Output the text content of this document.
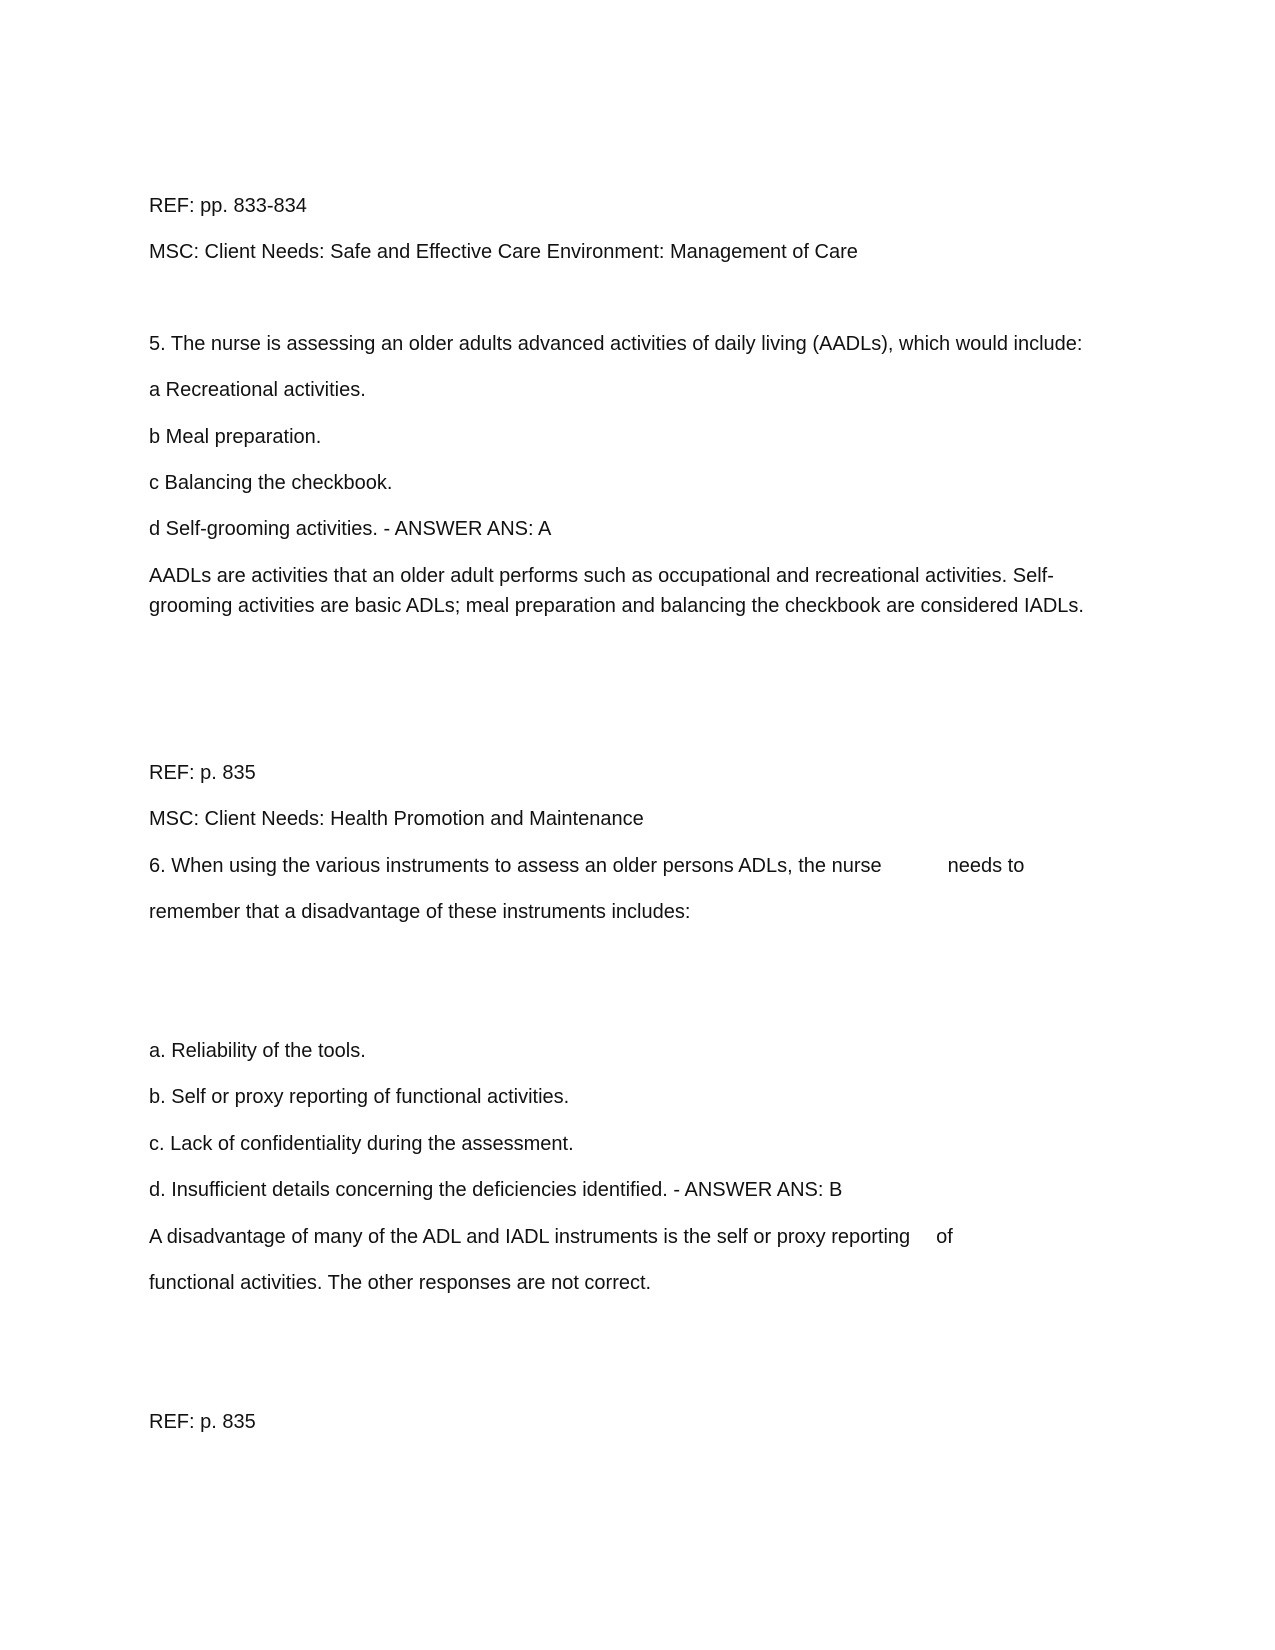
REF: pp. 833-834
MSC: Client Needs: Safe and Effective Care Environment: Management of Care
5. The nurse is assessing an older adults advanced activities of daily living (AADLs), which would include:
a Recreational activities.
b Meal preparation.
c Balancing the checkbook.
d Self-grooming activities. - ANSWER ANS: A
AADLs are activities that an older adult performs such as occupational and recreational activities. Self-grooming activities are basic ADLs; meal preparation and balancing the checkbook are considered IADLs.
REF: p. 835
MSC: Client Needs: Health Promotion and Maintenance
6. When using the various instruments to assess an older persons ADLs, the nurse	needs to
remember that a disadvantage of these instruments includes:
a. Reliability of the tools.
b. Self or proxy reporting of functional activities.
c. Lack of confidentiality during the assessment.
d. Insufficient details concerning the deficiencies identified. - ANSWER ANS: B
A disadvantage of many of the ADL and IADL instruments is the self or proxy reporting of
functional activities. The other responses are not correct.
REF: p. 835
